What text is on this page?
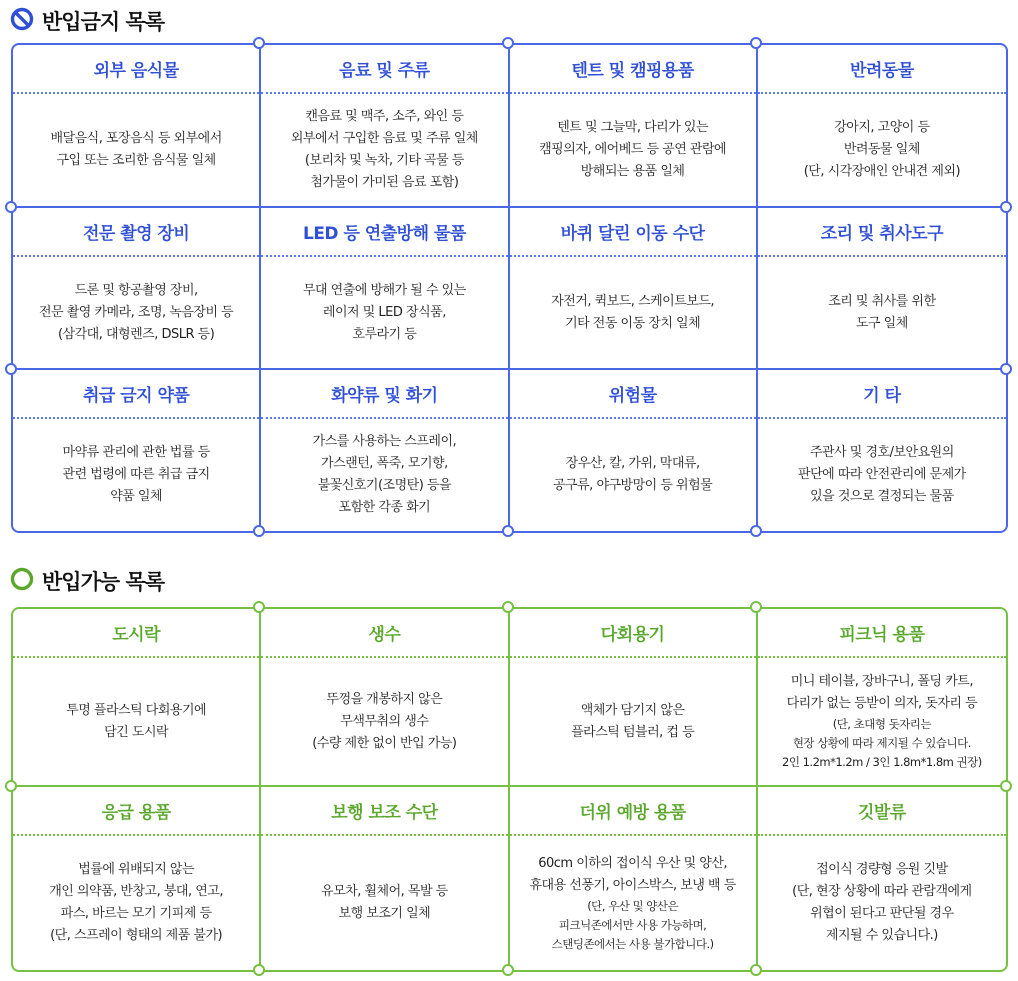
반입금지 목록
외부 음식물
배달음식, 포장음식 등 외부에서
구입 또는 조리한 음식물 일체
음료 및 주류
캔음료 및 맥주, 소주, 와인 등
외부에서 구입한 음료 및 주류 일체
(보리차 및 녹차, 기타 곡물 등
첨가물이 가미된 음료 포함)
텐트 및 캠핑용품
텐트 및 그늘막, 다리가 있는
캠핑의자, 에어베드 등 공연 관람에
방해되는 용품 일체
반려동물
강아지, 고양이 등
반려동물 일체
(단, 시각장애인 안내견 제외)
전문 촬영 장비
드론 및 항공촬영 장비,
전문 촬영 카메라, 조명, 녹음장비 등
(삼각대, 대형렌즈, DSLR 등)
LED 등 연출방해 물품
무대 연출에 방해가 될 수 있는
레이저 및 LED 장식품,
호루라기 등
바퀴 달린 이동 수단
자전거, 퀵보드, 스케이트보드,
기타 전동 이동 장치 일체
조리 및 취사도구
조리 및 취사를 위한
도구 일체
취급 금지 약품
마약류 관리에 관한 법률 등
관련 법령에 따른 취급 금지
약품 일체
화약류 및 화기
가스를 사용하는 스프레이,
가스랜턴, 폭죽, 모기향,
불꽃신호기(조명탄) 등을
포함한 각종 화기
위험물
장우산, 칼, 가위, 막대류,
공구류, 야구방망이 등 위험물
기 타
주관사 및 경호/보안요원의
판단에 따라 안전관리에 문제가
있을 것으로 결정되는 물품
반입가능 목록
도시락
투명 플라스틱 다회용기에
담긴 도시락
생수
뚜껑을 개봉하지 않은
무색무취의 생수
(수량 제한 없이 반입 가능)
다회용기
액체가 담기지 않은
플라스틱 텀블러, 컵 등
피크닉 용품
미니 테이블, 장바구니, 폴딩 카트,
다리가 없는 등받이 의자, 돗자리 등
(단, 초대형 돗자리는
현장 상황에 따라 제지될 수 있습니다.
2인 1.2m*1.2m / 3인 1.8m*1.8m 권장)
응급 용품
법률에 위배되지 않는
개인 의약품, 반창고, 붕대, 연고,
파스, 바르는 모기 기피제 등
(단, 스프레이 형태의 제품 불가)
보행 보조 수단
유모차, 휠체어, 목발 등
보행 보조기 일체
더위 예방 용품
60cm 이하의 접이식 우산 및 양산,
휴대용 선풍기, 아이스박스, 보냉 백 등
(단, 우산 및 양산은
피크닉존에서만 사용 가능하며,
스탠딩존에서는 사용 불가합니다.)
깃발류
접이식 경량형 응원 깃발
(단, 현장 상황에 따라 관람객에게
위협이 된다고 판단될 경우
제지될 수 있습니다.)
